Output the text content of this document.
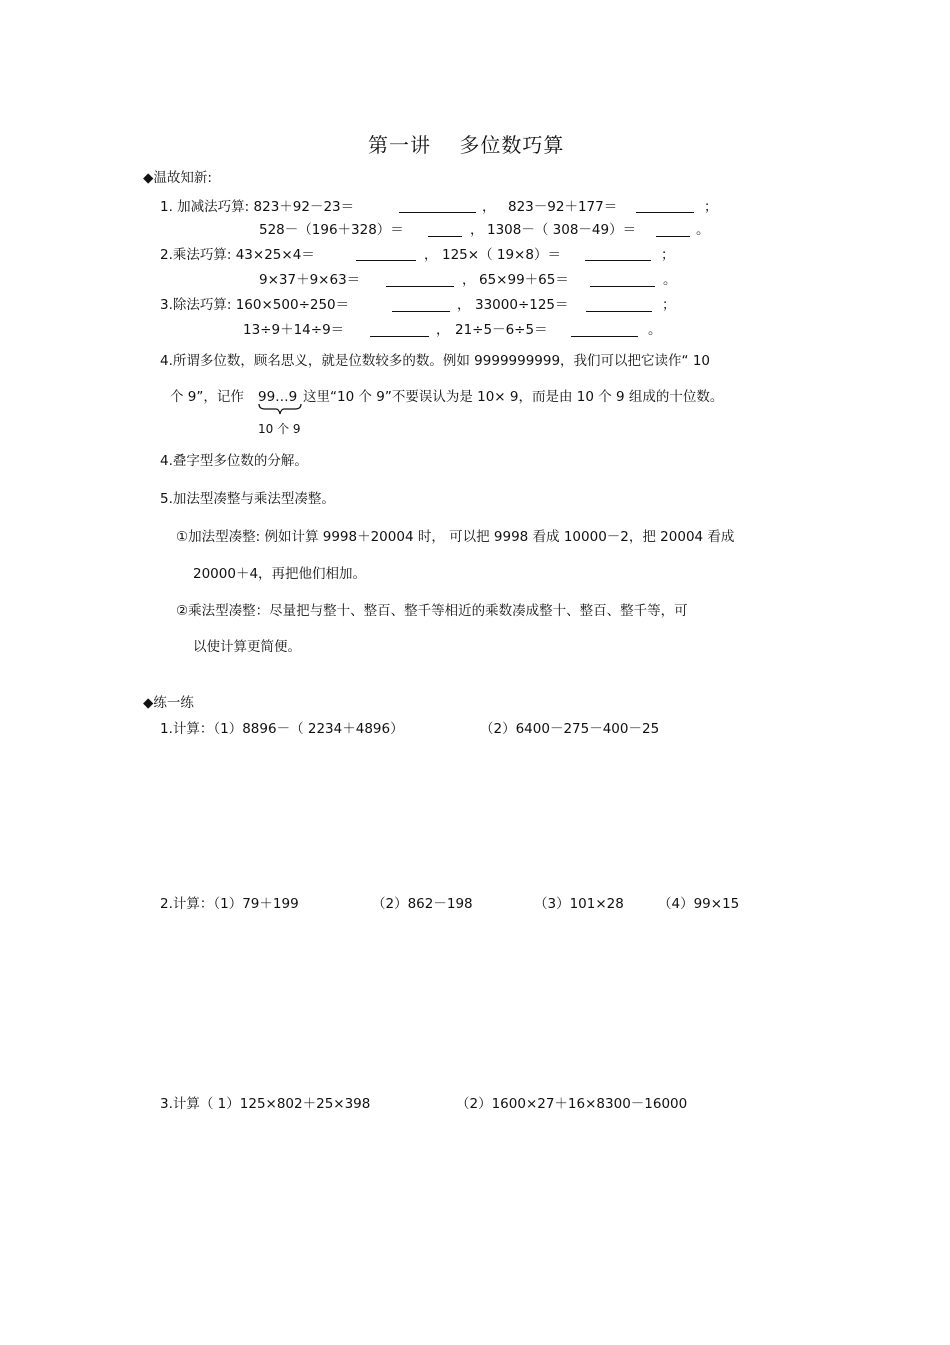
第一讲　 多位数巧算
◆温故知新:
1. 加减法巧算: 823＋92－23＝	， 823－92＋177＝	；
528－（196＋328）＝	， 1308－（ 308－49）＝	。
2.乘法巧算: 43×25×4＝	， 125×（ 19×8）＝	；
9×37＋9×63＝	， 65×99＋65＝	。
3.除法巧算: 160×500÷250＝	， 33000÷125＝	；
13÷9＋14÷9＝	， 21÷5－6÷5＝	。
4.所谓多位数，顾名思义，就是位数较多的数。例如 9999999999，我们可以把它读作“ 10
个 9”，记作 99…9 这里“10 个 9”不要误认为是 10× 9，而是由 10 个 9 组成的十位数。
10 个 9
4.叠字型多位数的分解。
5.加法型凑整与乘法型凑整。
①加法型凑整: 例如计算 9998＋20004 时， 可以把 9998 看成 10000－2，把 20004 看成
20000＋4，再把他们相加。
②乘法型凑整：尽量把与整十、整百、整千等相近的乘数凑成整十、整百、整千等，可
以使计算更简便。
◆练一练
1.计算：（1）8896－（ 2234＋4896）	（2）6400－275－400－25
2.计算：（1）79＋199	（2）862－198	（3）101×28	（4）99×15
3.计算（ 1）125×802＋25×398	（2）1600×27＋16×8300－16000
